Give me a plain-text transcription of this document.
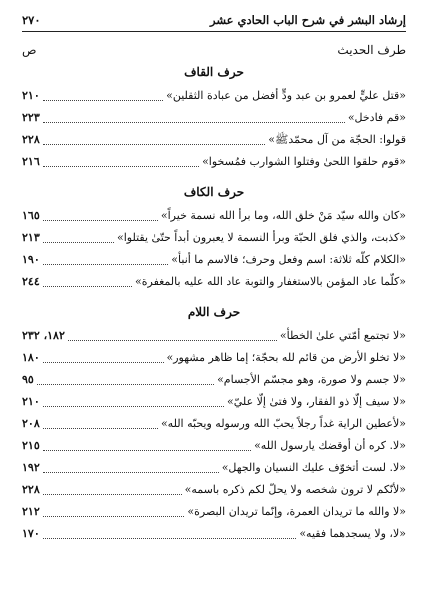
إرشاد البشر في شرح الباب الحادي عشر
٢٧٠
طرف الحديث
ص
حرف القاف
«قتل عليٍّ لعمرو بن عبد ودٍّ أفضل من عبادة الثقلين»
٢١٠
«قم فادخل»
٢٢٣
قولوا: الحجّة من آل محمّدﷺ»
٢٢٨
«قوم حلقوا اللحىٰ وفتلوا الشوارب فمُسخوا»
٢١٦
حرف الكاف
«كان والله سيّد مَنْ خلق الله، وما برأ الله نسمة خيراً»
١٦٥
«كذبت، والذي فلق الحبّة وبرأ النسمة لا يعبرون أبداً حتّىٰ يقتلوا»
٢١٣
«الكلام كلّه ثلاثة: اسم وفعل وحرف؛ فالاسم ما أنبأ»
١٩٠
«كلّما عاد المؤمن بالاستغفار والتوبة عاد الله عليه بالمغفرة»
٢٤٤
حرف اللام
«لا تجتمع أمّتي علىٰ الخطأ»
١٨٢، ٢٣٢
«لا تخلو الأرض من قائم لله بحجّة؛ إما ظاهر مشهور»
١٨٠
«لا جسم ولا صورة، وهو مجسّم الأجسام»
٩٥
«لا سيف إلّا ذو الفقار، ولا فتىٰ إلّا عليّ»
٢١٠
«لأعطين الراية غداً رجلاً يحبّ الله ورسوله ويحبّه الله»
٢٠٨
«لا. كره أن أوقضك يارسول الله»
٢١٥
«لا. لست أتخوّف عليك النسيان والجهل»
١٩٢
«لأنّكم لا ترون شخصه ولا يحلّ لكم ذكره باسمه»
٢٢٨
«لا والله ما تريدان العمرة، وإنّما تريدان البصرة»
٢١٢
«لا، ولا يسجدهما فقيه»
١٧٠
